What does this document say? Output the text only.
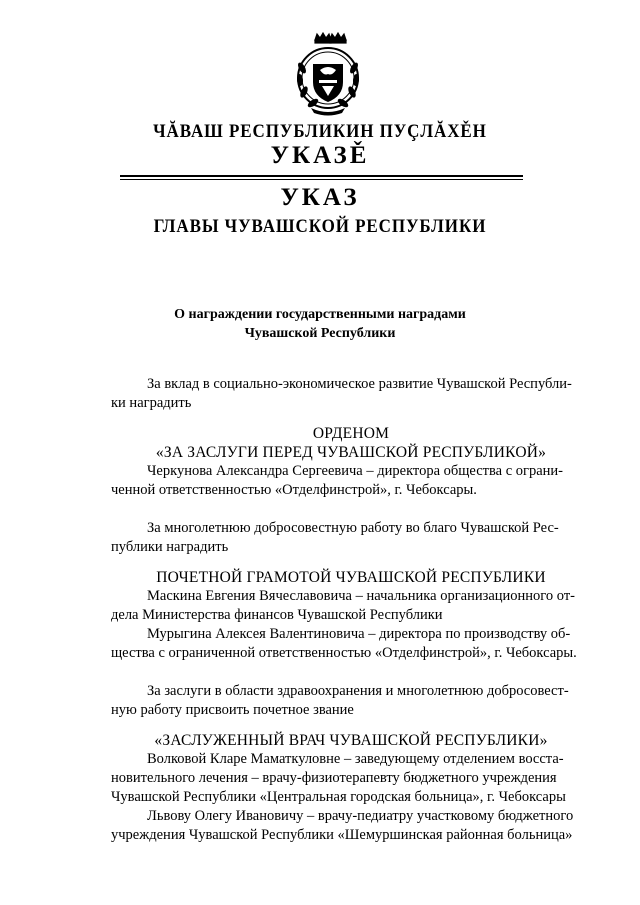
ЧĂВАШ РЕСПУБЛИКИН ПУÇЛĂХĚН
УКАЗĚ
УКАЗ
ГЛАВЫ ЧУВАШСКОЙ РЕСПУБЛИКИ
О награждении государственными наградами
Чувашской Республики

За вклад в социально-экономическое развитие Чувашской Республи-

ки наградить

ОРДЕНОМ

«ЗА ЗАСЛУГИ ПЕРЕД ЧУВАШСКОЙ РЕСПУБЛИКОЙ»

Черкунова Александра Сергеевича – директора общества с ограни-

ченной ответственностью «Отделфинстрой», г. Чебоксары.

За многолетнюю добросовестную работу во благо Чувашской Рес-

публики наградить

ПОЧЕТНОЙ ГРАМОТОЙ ЧУВАШСКОЙ РЕСПУБЛИКИ

Маскина Евгения Вячеславовича – начальника организационного от-

дела Министерства финансов Чувашской Республики

Мурыгина Алексея Валентиновича – директора по производству об-

щества с ограниченной ответственностью «Отделфинстрой», г. Чебоксары.

За заслуги в области здравоохранения и многолетнюю добросовест-

ную работу присвоить почетное звание

«ЗАСЛУЖЕННЫЙ ВРАЧ ЧУВАШСКОЙ РЕСПУБЛИКИ»

Волковой Кларе Маматкуловне – заведующему отделением восста-

новительного лечения – врачу-физиотерапевту бюджетного учреждения

Чувашской Республики «Центральная городская больница», г. Чебоксары

Львову Олегу Ивановичу – врачу-педиатру участковому бюджетного

учреждения Чувашской Республики «Шемуршинская районная больница»
